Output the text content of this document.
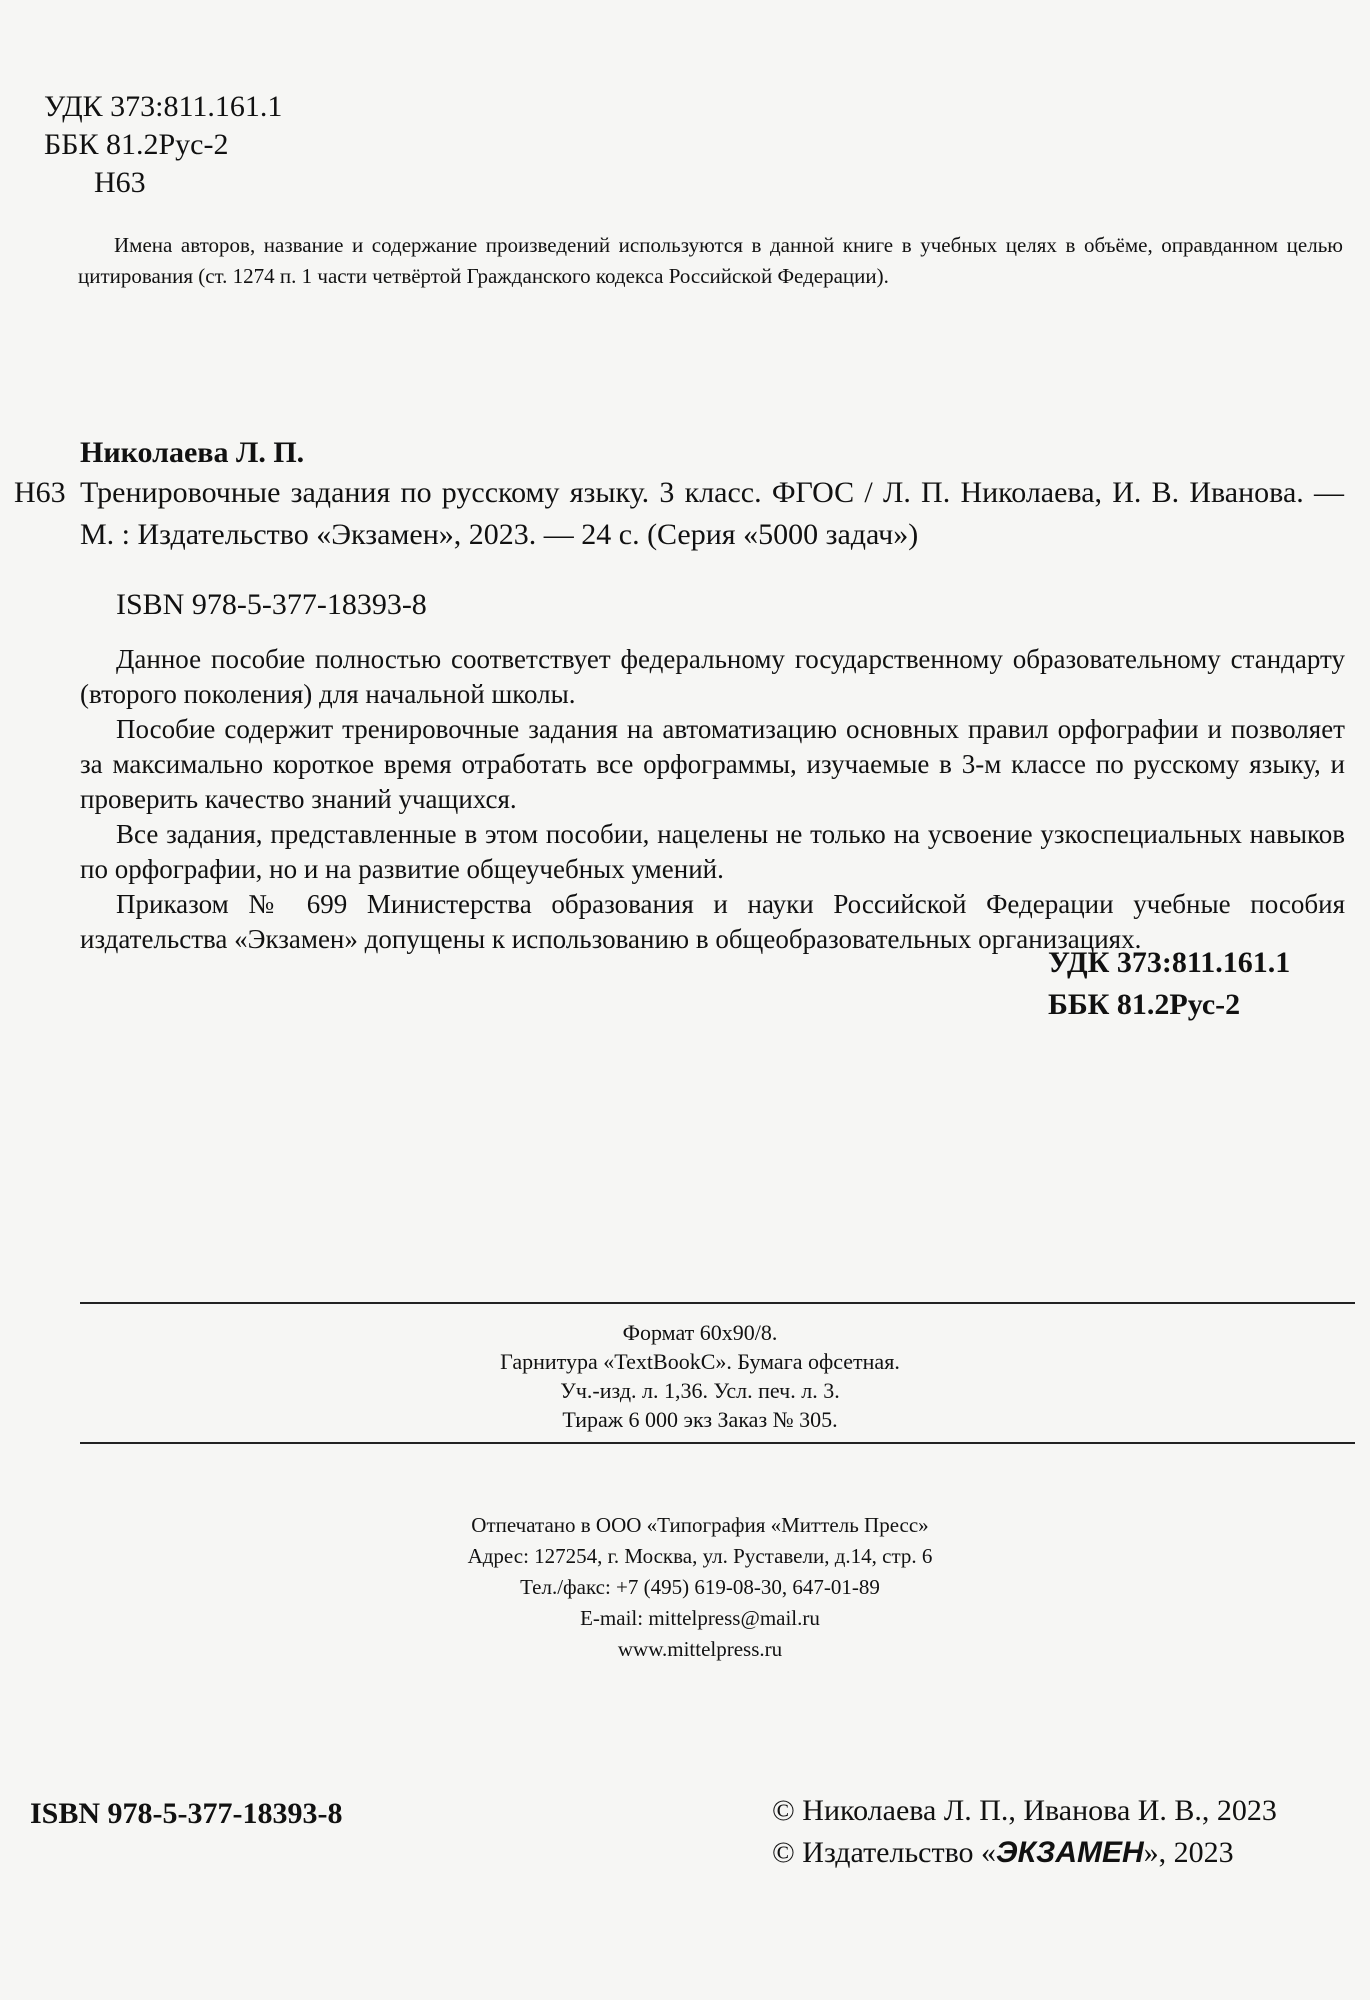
УДК 373:811.161.1
ББК 81.2Рус-2
Н63
Имена авторов, название и содержание произведений используются в данной книге в учебных целях в объёме, оправданном целью цитирования (ст. 1274 п. 1 части четвёртой Гражданского кодекса Российской Федерации).
Николаева Л. П.
Н63 Тренировочные задания по русскому языку. 3 класс. ФГОС / Л. П. Николаева, И. В. Иванова. — М. : Издательство «Экзамен», 2023. — 24 с. (Серия «5000 задач»)
ISBN 978-5-377-18393-8

Данное пособие полностью соответствует федеральному государственному образовательному стандарту (второго поколения) для начальной школы.

Пособие содержит тренировочные задания на автоматизацию основных правил орфографии и позволяет за максимально короткое время отработать все орфограммы, изучаемые в 3-м классе по русскому языку, и проверить качество знаний учащихся.

Все задания, представленные в этом пособии, нацелены не только на усвоение узкоспециальных навыков по орфографии, но и на развитие общеучебных умений.

Приказом № 699 Министерства образования и науки Российской Федерации учебные пособия издательства «Экзамен» допущены к использованию в общеобразовательных организациях.

УДК 373:811.161.1
ББК 81.2Рус-2
Формат 60x90/8.
Гарнитура «TextBookC». Бумага офсетная.
Уч.-изд. л. 1,36. Усл. печ. л. 3.
Тираж 6 000 экз Заказ № 305.
Отпечатано в ООО «Типография «Миттель Пресс»
Адрес: 127254, г. Москва, ул. Руставели, д.14, стр. 6
Тел./факс: +7 (495) 619-08-30, 647-01-89
E-mail: mittelpress@mail.ru
www.mittelpress.ru
ISBN 978-5-377-18393-8	© Николаева Л. П., Иванова И. В., 2023
© Издательство «ЭКЗАМЕН», 2023
